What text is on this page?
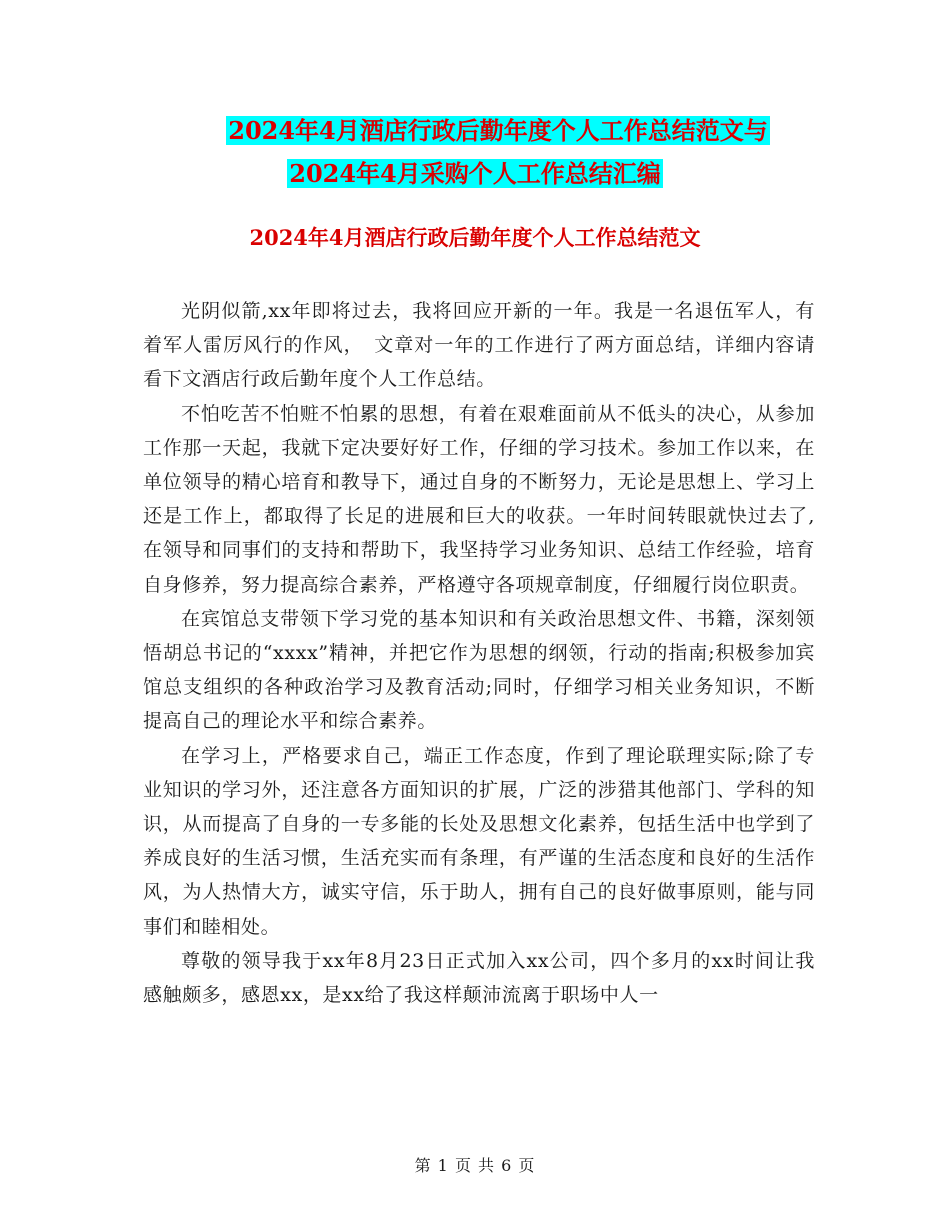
2024年4月酒店行政后勤年度个人工作总结范文与
2024年4月采购个人工作总结汇编
2024年4月酒店行政后勤年度个人工作总结范文

光阴似箭,xx年即将过去，我将回应开新的一年。我是一名退伍军人，有着军人雷厉风行的作风，　文章对一年的工作进行了两方面总结，详细内容请看下文酒店行政后勤年度个人工作总结。

不怕吃苦不怕赃不怕累的思想，有着在艰难面前从不低头的决心，从参加工作那一天起，我就下定决要好好工作，仔细的学习技术。参加工作以来，在单位领导的精心培育和教导下，通过自身的不断努力，无论是思想上、学习上还是工作上，都取得了长足的进展和巨大的收获。一年时间转眼就快过去了,在领导和同事们的支持和帮助下，我坚持学习业务知识、总结工作经验，培育自身修养，努力提高综合素养，严格遵守各项规章制度，仔细履行岗位职责。

在宾馆总支带领下学习党的基本知识和有关政治思想文件、书籍，深刻领悟胡总书记的“xxxx”精神，并把它作为思想的纲领，行动的指南;积极参加宾馆总支组织的各种政治学习及教育活动;同时，仔细学习相关业务知识，不断提高自己的理论水平和综合素养。

在学习上，严格要求自己，端正工作态度，作到了理论联理实际;除了专业知识的学习外，还注意各方面知识的扩展，广泛的涉猎其他部门、学科的知识，从而提高了自身的一专多能的长处及思想文化素养，包括生活中也学到了养成良好的生活习惯，生活充实而有条理，有严谨的生活态度和良好的生活作风，为人热情大方，诚实守信，乐于助人，拥有自己的良好做事原则，能与同事们和睦相处。

尊敬的领导我于xx年8月23日正式加入xx公司，四个多月的xx时间让我感触颇多，感恩xx，是xx给了我这样颠沛流离于职场中人一

第 1 页 共 6 页
